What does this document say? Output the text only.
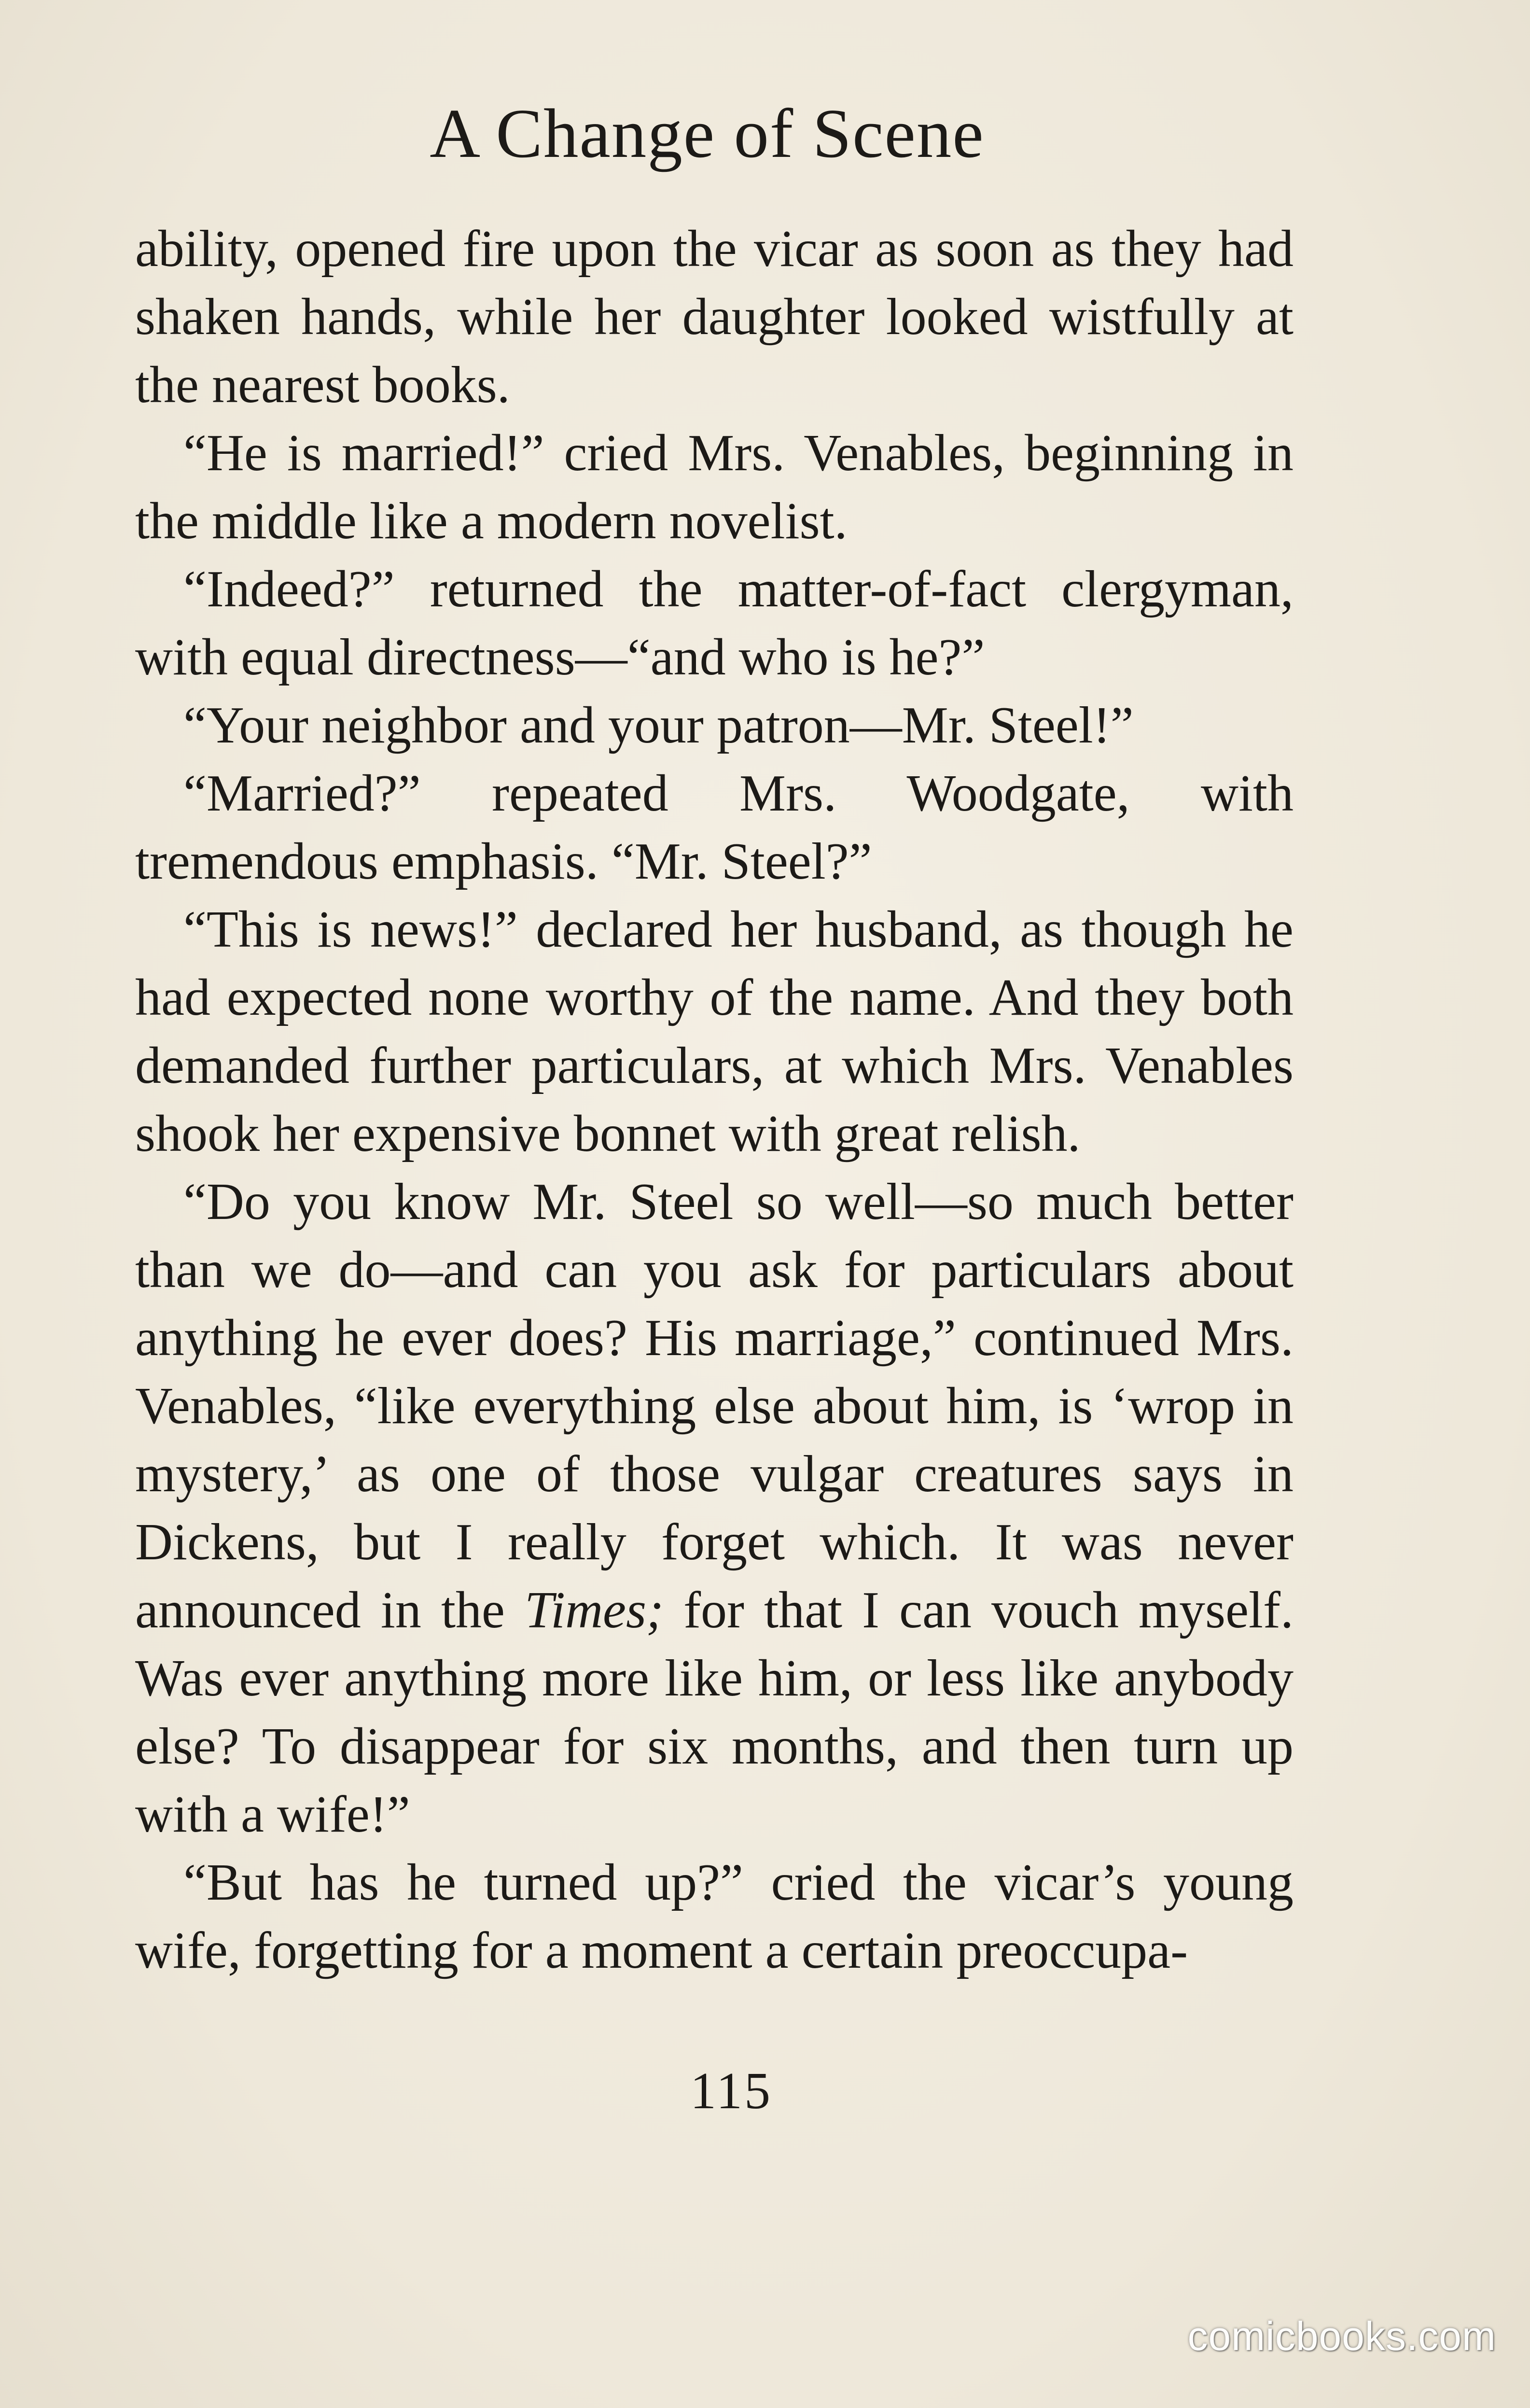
A Change of Scene

ability, opened fire upon the vicar as soon as they had shaken hands, while her daughter looked wistfully at the nearest books.

“He is married!” cried Mrs. Venables, beginning in the middle like a modern novelist.

“Indeed?” returned the matter-of-fact clergyman, with equal directness—“and who is he?”

“Your neighbor and your patron—Mr. Steel!”

“Married?” repeated Mrs. Woodgate, with tremendous emphasis. “Mr. Steel?”

“This is news!” declared her husband, as though he had expected none worthy of the name. And they both demanded further particulars, at which Mrs. Venables shook her expensive bonnet with great relish.

“Do you know Mr. Steel so well—so much better than we do—and can you ask for particulars about anything he ever does? His marriage,” continued Mrs. Venables, “like everything else about him, is ‘wrop in mystery,’ as one of those vulgar creatures says in Dickens, but I really forget which. It was never announced in the Times; for that I can vouch myself. Was ever anything more like him, or less like anybody else? To disappear for six months, and then turn up with a wife!”

“But has he turned up?” cried the vicar’s young wife, forgetting for a moment a certain preoccupa-

115
comicbooks.com
